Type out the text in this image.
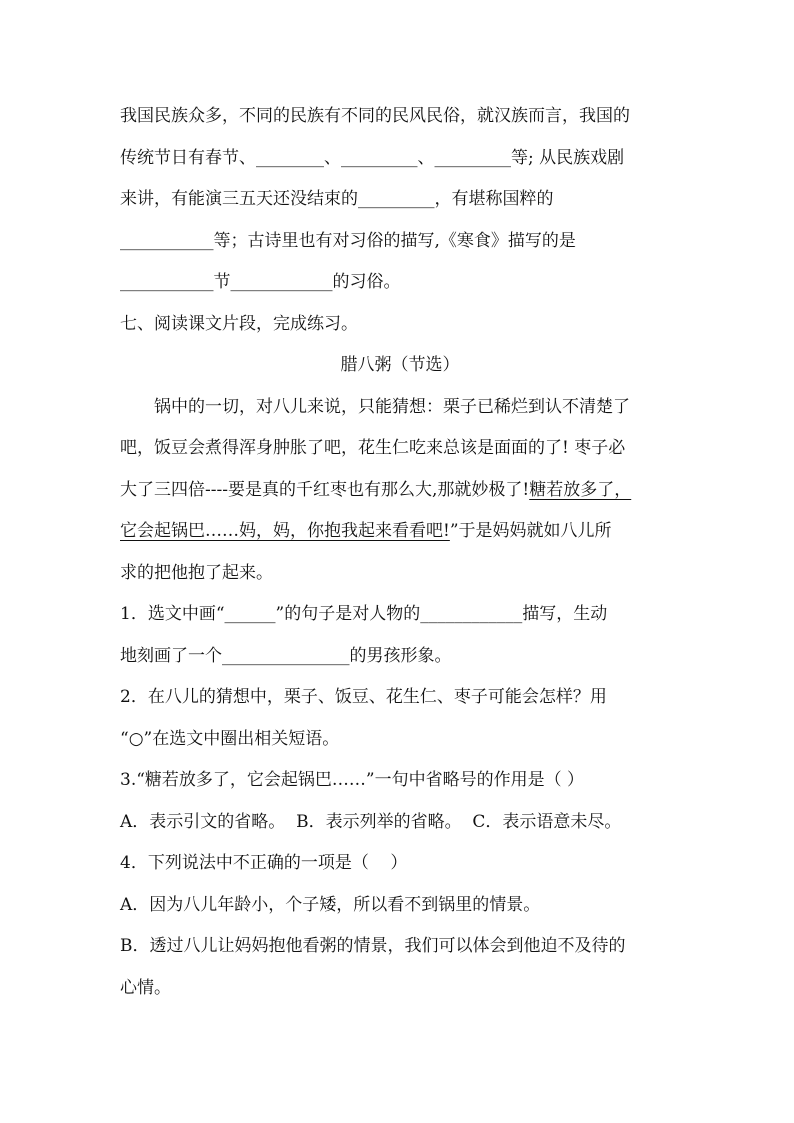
我国民族众多，不同的民族有不同的民风民俗，就汉族而言，我国的
传统节日有春节、________、_________、_________等; 从民族戏剧
来讲，有能演三五天还没结束的_________，有堪称国粹的
___________等；古诗里也有对习俗的描写,《寒食》描写的是
___________节____________的习俗。
七、阅读课文片段，完成练习。
腊八粥（节选）
锅中的一切，对八儿来说，只能猜想：栗子已稀烂到认不清楚了
吧，饭豆会煮得浑身肿胀了吧，花生仁吃来总该是面面的了! 枣子必
大了三四倍----要是真的千红枣也有那么大,那就妙极了!糖若放多了，
它会起锅巴……妈，妈，你抱我起来看看吧!”于是妈妈就如八儿所
求的把他抱了起来。
1．选文中画“______”的句子是对人物的____________描写，生动
地刻画了一个_______________的男孩形象。
2．在八儿的猜想中，栗子、饭豆、花生仁、枣子可能会怎样？用
“○”在选文中圈出相关短语。
3.“糖若放多了，它会起锅巴……”一句中省略号的作用是（ ）
A．表示引文的省略。  B．表示列举的省略。  C．表示语意未尽。
4．下列说法中不正确的一项是（    ）
A．因为八儿年龄小，个子矮，所以看不到锅里的情景。
B．透过八儿让妈妈抱他看粥的情景，我们可以体会到他迫不及待的
心情。
